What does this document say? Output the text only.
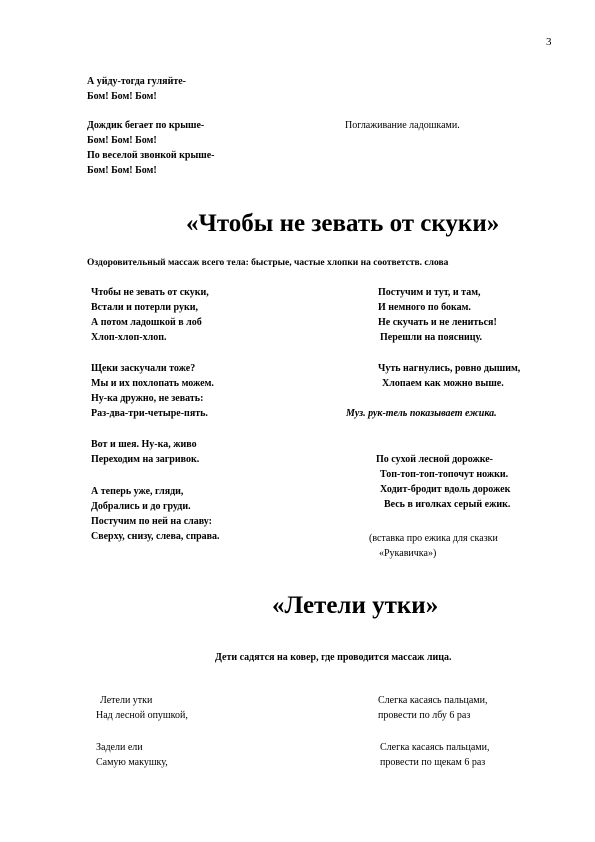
3
А уйду-тогда гуляйте-
Бом! Бом! Бом!
Дождик бегает по крыше-
Бом! Бом! Бом!
По веселой звонкой крыше-
Бом! Бом! Бом!
Поглаживание ладошками.
«Чтобы не зевать от скуки»
Оздоровительный массаж всего тела: быстрые, частые хлопки на соответств. слова
Чтобы не зевать от скуки,
Встали и потерли руки,
А потом ладошкой в лоб
Хлоп-хлоп-хлоп.
Щеки заскучали тоже?
Мы и их похлопать можем.
Ну-ка дружно, не зевать:
Раз-два-три-четыре-пять.
Вот и шея. Ну-ка, живо
Переходим на загривок.
А теперь уже, гляди,
Добрались и до груди.
Постучим по ней на славу:
Сверху, снизу, слева, справа.
Постучим и тут, и там,
И немного по бокам.
Не скучать и не лениться!
Перешли на поясницу.
Чуть нагнулись, ровно дышим,
Хлопаем как можно выше.
Муз. рук-тель показывает ежика.
По сухой лесной дорожке-
Топ-топ-топ-топочут ножки.
Ходит-бродит вдоль дорожек
Весь в иголках серый ежик.
(вставка про ежика для сказки
«Рукавичка»)
«Летели утки»
Дети садятся на ковер, где проводится массаж лица.
Летели утки
Над лесной опушкой,
Задели ели
Самую макушку,
Слегка касаясь пальцами,
провести по лбу 6 раз
Слегка касаясь пальцами,
провести по щекам 6 раз
